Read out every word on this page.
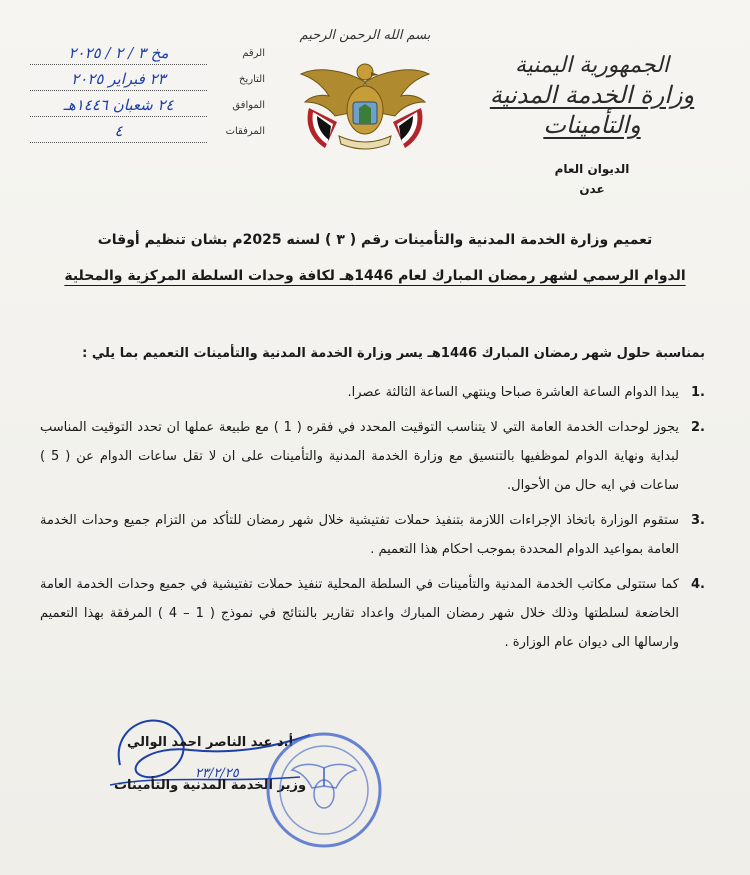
الجمهورية اليمنية
وزارة الخدمة المدنية والتأمينات
الديوان العام
عدن
بسم الله الرحمن الرحيم
الرقم
مخ ٣ / ٢ / ٢٠٢٥
التاريخ
٢٣ فبراير ٢٠٢٥
الموافق
٢٤ شعبان ١٤٤٦هـ
المرفقات
٤
تعميم وزارة الخدمة المدنية والتأمينات رقم ( ٣ ) لسنه 2025م بشان تنظيم أوقات
الدوام الرسمي لشهر رمضان المبارك لعام 1446هـ لكافة وحدات السلطة المركزية والمحلية
بمناسبة حلول شهر رمضان المبارك 1446هـ يسر وزارة الخدمة المدنية والتأمينات التعميم بما يلي :
.1
يبدا الدوام الساعة العاشرة صباحا وينتهي الساعة الثالثة عصرا.
.2
يجوز لوحدات الخدمة العامة التي لا يتناسب التوقيت المحدد في فقره ( 1 ) مع طبيعة عملها ان تحدد التوقيت المناسب لبداية ونهاية الدوام لموظفيها بالتنسيق مع وزارة الخدمة المدنية والتأمينات على ان لا تقل ساعات الدوام عن ( 5 ) ساعات في ايه حال من الأحوال.
.3
ستقوم الوزارة باتخاذ الإجراءات اللازمة بتنفيذ حملات تفتيشية خلال شهر رمضان للتأكد من التزام جميع وحدات الخدمة العامة بمواعيد الدوام المحددة بموجب احكام هذا التعميم .
.4
كما ستتولى مكاتب الخدمة المدنية والتأمينات في السلطة المحلية تنفيذ حملات تفتيشية في جميع وحدات الخدمة العامة الخاضعة لسلطتها وذلك خلال شهر رمضان المبارك واعداد تقارير بالنتائج في نموذج ( 1 – 4 ) المرفقة بهذا التعميم وارسالها الى ديوان عام الوزارة .
٢٣/٢/٢٥
أ.د عبد الناصر احمد الوالي
وزير الخدمة المدنية والتأمينات
